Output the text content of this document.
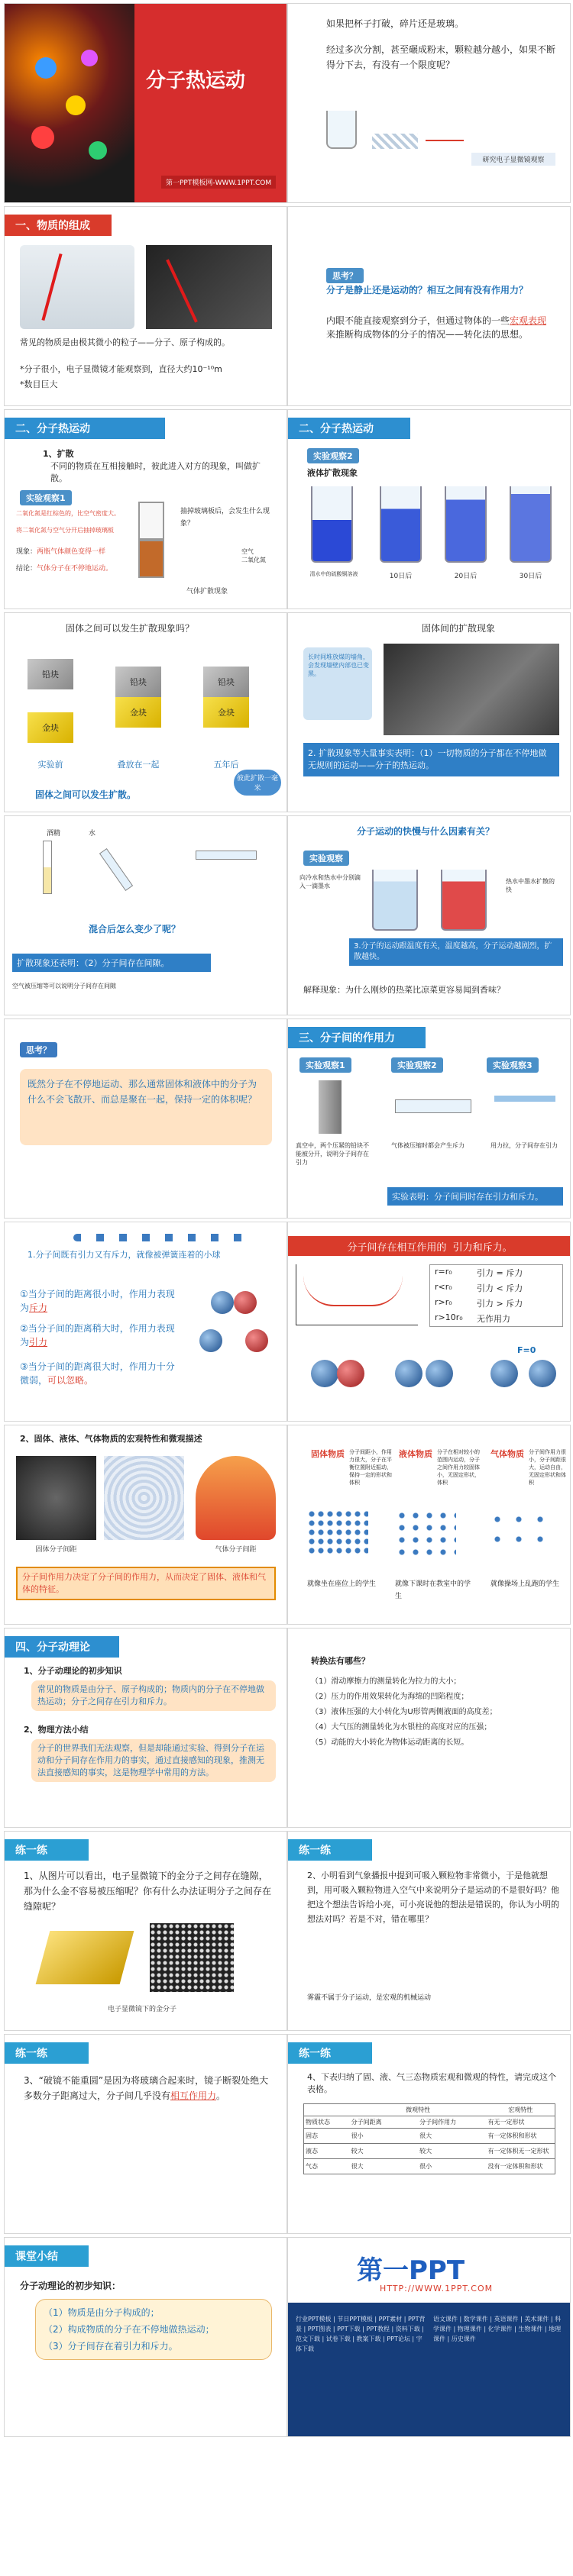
分子热运动
第一PPT模板网-WWW.1PPT.COM
如果把杯子打破，碎片还是玻璃。
经过多次分割，甚至碾成粉末，颗粒越分越小，如果不断得分下去，有没有一个限度呢？
研究电子显微镜观察
一、物质的组成
常见的物质是由极其微小的粒子——分子、原子构成的。
*分子很小，电子显微镜才能观察到，直径大约10⁻¹⁰m
*数目巨大
思考？
分子是静止还是运动的？相互之间有没有作用力？
内眼不能直接观察到分子，但通过物体的一些宏观表现来推断构成物体的分子的情况——转化法的思想。
二、分子热运动
1、扩散
不同的物质在互相接触时，彼此进入对方的现象，叫做扩散。
实验观察1
二氧化氮是红棕色的，比空气密度大。
将二氧化氮与空气分开后抽掉玻璃板
现象：两瓶气体颜色变得一样
结论：气体分子在不停地运动。
抽掉玻璃板后，会发生什么现象？
气体扩散现象
空气
二氧化氮
二、分子热运动
实验观察2
液体扩散现象
清水中的硫酸铜溶液	10日后	20日后	30日后
固体之间可以发生扩散现象吗？
铅块
金块
铅块
金块
铅块
金块
实验前	叠放在一起	五年后
彼此扩散一毫米
固体之间可以发生扩散。
固体间的扩散现象
长时间堆放煤的墙角，会发现墙壁内部也已变黑。
2. 扩散现象等大量事实表明：（1）一切物质的分子都在不停地做无规则的运动——分子的热运动。
酒精	水
混合后怎么变少了呢？
扩散现象还表明：（2）分子间存在间隙。
空气被压缩等可以说明分子间存在间隙
分子运动的快慢与什么因素有关？
实验观察
向冷水和热水中分别滴入一滴墨水
热水中墨水扩散的快
3.分子的运动跟温度有关，温度越高，分子运动越剧烈，扩散越快。
解释现象：为什么刚炒的热菜比凉菜更容易闻到香味？
思考？
既然分子在不停地运动、那么通常固体和液体中的分子为什么不会飞散开、而总是聚在一起，保持一定的体积呢？
三、分子间的作用力
实验观察1	实验观察2	实验观察3
真空中，两个压紧的铅块不能被分开，说明分子间存在引力
气体被压缩时都会产生斥力	用力拉，分子间存在引力
实验表明：分子间同时存在引力和斥力。
1.分子间既有引力又有斥力，就像被弹簧连着的小球
①当分子间的距离很小时，作用力表现为斥力
②当分子间的距离稍大时，作用力表现为引力
③当分子间的距离很大时，作用力十分微弱，可以忽略。
分子间存在相互作用的
引力和斥力。
r=r₀	引力 = 斥力
r<r₀	引力 < 斥力
r>r₀	引力 > 斥力
r>10r₀	无作用力
F=0
2、固体、液体、气体物质的宏观特性和微观描述
固体分子间距	气体分子间距
分子间作用力决定了分子间的作用力，从而决定了固体、液体和气体的特征。
固体物质	液体物质	气体物质
分子间距小，作用力很大，分子在平衡位置附近振动，保持一定的形状和体积
分子在相对较小的范围内运动，分子之间作用力较固体小，无固定形状，体积
分子间作用力很小，分子间距很大，运动自由，无固定形状和体积
就像坐在座位上的学生	就像下课时在教室中的学生
就像操场上乱跑的学生
四、分子动理论
1、分子动理论的初步知识
常见的物质是由分子、原子构成的；物质内的分子在不停地做热运动；分子之间存在引力和斥力。
2、物理方法小结
分子的世界我们无法观察，但是却能通过实验、得到分子在运动和分子间存在作用力的事实，通过直接感知的现象，推测无法直接感知的事实，这是物理学中常用的方法。
转换法有哪些？
（1）滑动摩擦力的测量转化为拉力的大小；
（2）压力的作用效果转化为海绵的凹陷程度；
（3）液体压强的大小转化为U形管两侧液面的高度差；
（4）大气压的测量转化为水银柱的高度对应的压强；
（5）动能的大小转化为物体运动距离的长短。
练一练
1、从图片可以看出，电子显微镜下的金分子之间存在缝隙，那为什么金不容易被压缩呢？你有什么办法证明分子之间存在缝隙呢？
电子显微镜下的金分子
练一练
2、小明看到气象播报中提到可吸入颗粒物非常微小，于是他就想到，用可吸入颗粒物进入空气中来说明分子是运动的不是很好吗？他把这个想法告诉给小亮，可小亮说他的想法是错误的，你认为小明的想法对吗？若是不对，错在哪里？
雾霾不属于分子运动，是宏观的机械运动
练一练
3、“破镜不能重圆”是因为将玻璃合起来时，镜子断裂处绝大多数分子距离过大，分子间几乎没有相互作用力。
练一练
4、下表归纳了固、液、气三态物质宏观和微观的特性，请完成这个表格。
微观特性	宏观特性
物质状态	分子间距离	分子间作用力	有无一定形状
固态	很小	很大	有一定体积和形状
液态	较大	较大	有一定体积无一定形状
气态	很大	很小	没有一定体积和形状
课堂小结
分子动理论的初步知识：
（1）物质是由分子构成的；
（2）构成物质的分子在不停地做热运动；
（3）分子间存在着引力和斥力。
第一PPT
HTTP://WWW.1PPT.COM
行业PPT模板 | 节日PPT模板 | PPT素材 | PPT背景 | PPT图表 | PPT下载 | PPT教程 | 资料下载 | 范文下载 | 试卷下载 | 教案下载 | PPT论坛 | 字体下载
语文课件 | 数学课件 | 英语课件 | 美术课件 | 科学课件 | 物理课件 | 化学课件 | 生物课件 | 地理课件 | 历史课件
